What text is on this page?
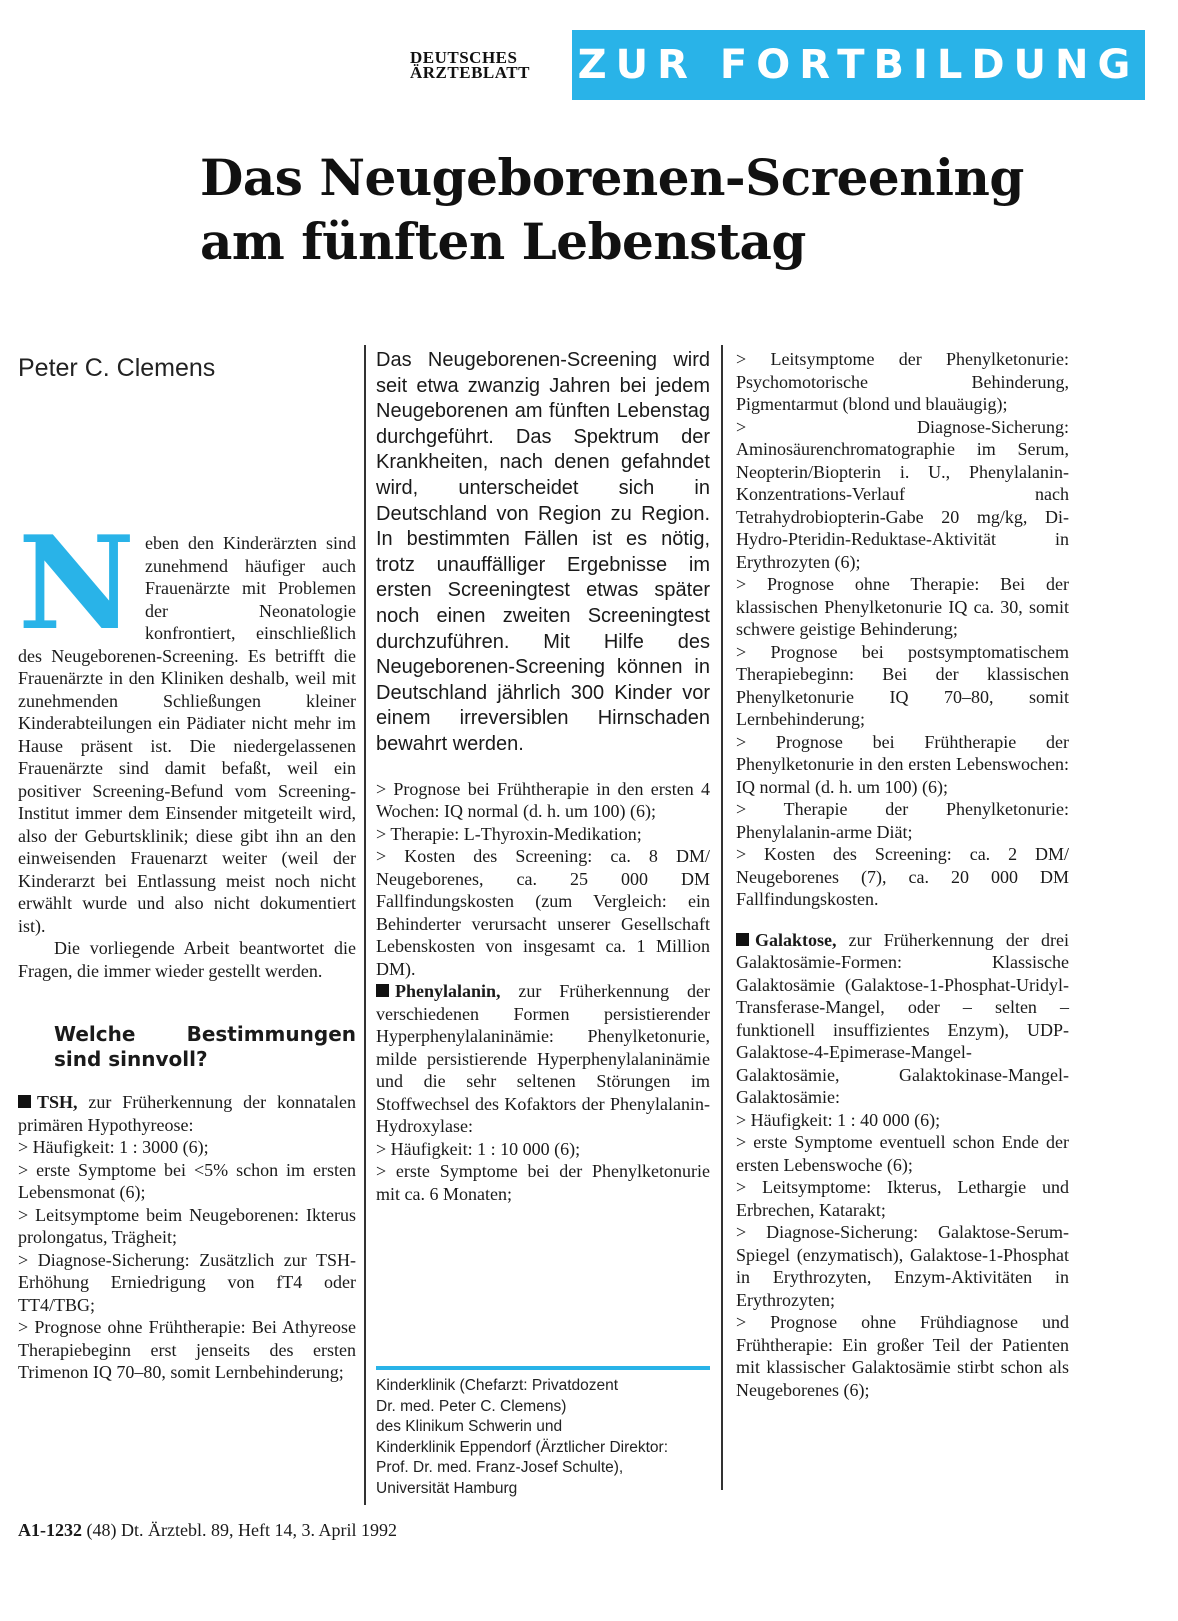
DEUTSCHES
ÄRZTEBLATT ZUR FORTBILDUNG
Das Neugeborenen-Screening
am fünften Lebenstag
Peter C. Clemens

Neben den Kinderärzten sind zunehmend häufiger auch Frauenärzte mit Problemen der Neonatologie konfrontiert, einschließlich des Neugeborenen-Screening. Es betrifft die Frauenärzte in den Kliniken deshalb, weil mit zunehmenden Schließungen kleiner Kinderabteilungen ein Pädiater nicht mehr im Hause präsent ist. Die niedergelassenen Frauenärzte sind damit befaßt, weil ein positiver Screening-Befund vom Screening-Institut immer dem Einsender mitgeteilt wird, also der Geburtsklinik; diese gibt ihn an den einweisenden Frauenarzt weiter (weil der Kinderarzt bei Entlassung meist noch nicht erwählt wurde und also nicht dokumentiert ist).

Die vorliegende Arbeit beantwortet die Fragen, die immer wieder gestellt werden.

Welche Bestimmungen sind sinnvoll?

TSH, zur Früherkennung der konnatalen primären Hypothyreose:

> Häufigkeit: 1 : 3000 (6);

> erste Symptome bei <5% schon im ersten Lebensmonat (6);

> Leitsymptome beim Neugeborenen: Ikterus prolongatus, Trägheit;

> Diagnose-Sicherung: Zusätzlich zur TSH-Erhöhung Erniedrigung von fT4 oder TT4/TBG;

> Prognose ohne Frühtherapie: Bei Athyreose Therapiebeginn erst jenseits des ersten Trimenon IQ 70–80, somit Lernbehinderung;

Das Neugeborenen-Screening wird seit etwa zwanzig Jahren bei jedem Neugeborenen am fünften Lebenstag durchgeführt. Das Spektrum der Krankheiten, nach denen gefahndet wird, unterscheidet sich in Deutschland von Region zu Region. In bestimmten Fällen ist es nötig, trotz unauffälliger Ergebnisse im ersten Screeningtest etwas später noch einen zweiten Screeningtest durchzuführen. Mit Hilfe des Neugeborenen-Screening können in Deutschland jährlich 300 Kinder vor einem irreversiblen Hirnschaden bewahrt werden.

> Prognose bei Frühtherapie in den ersten 4 Wochen: IQ normal (d. h. um 100) (6);

> Therapie: L-Thyroxin-Medikation;

> Kosten des Screening: ca. 8 DM/ Neugeborenes, ca. 25 000 DM Fallfindungskosten (zum Vergleich: ein Behinderter verursacht unserer Gesellschaft Lebenskosten von insgesamt ca. 1 Million DM).

Phenylalanin, zur Früherkennung der verschiedenen Formen persistierender Hyperphenylalaninämie: Phenylketonurie, milde persistierende Hyperphenylalaninämie und die sehr seltenen Störungen im Stoffwechsel des Kofaktors der Phenylalanin-Hydroxylase:

> Häufigkeit: 1 : 10 000 (6);

> erste Symptome bei der Phenylketonurie mit ca. 6 Monaten;

Kinderklinik (Chefarzt: Privatdozent
Dr. med. Peter C. Clemens)
des Klinikum Schwerin und
Kinderklinik Eppendorf (Ärztlicher Direktor:
Prof. Dr. med. Franz-Josef Schulte),
Universität Hamburg

> Leitsymptome der Phenylketonurie: Psychomotorische Behinderung, Pigmentarmut (blond und blauäugig);

> Diagnose-Sicherung: Aminosäurenchromatographie im Serum, Neopterin/Biopterin i. U., Phenylalanin-Konzentrations-Verlauf nach Tetrahydrobiopterin-Gabe 20 mg/kg, Di-Hydro-Pteridin-Reduktase-Aktivität in Erythrozyten (6);

> Prognose ohne Therapie: Bei der klassischen Phenylketonurie IQ ca. 30, somit schwere geistige Behinderung;

> Prognose bei postsymptomatischem Therapiebeginn: Bei der klassischen Phenylketonurie IQ 70–80, somit Lernbehinderung;

> Prognose bei Frühtherapie der Phenylketonurie in den ersten Lebenswochen: IQ normal (d. h. um 100) (6);

> Therapie der Phenylketonurie: Phenylalanin-arme Diät;

> Kosten des Screening: ca. 2 DM/ Neugeborenes (7), ca. 20 000 DM Fallfindungskosten.

Galaktose, zur Früherkennung der drei Galaktosämie-Formen: Klassische Galaktosämie (Galaktose-1-Phosphat-Uridyl-Transferase-Mangel, oder – selten – funktionell insuffizientes Enzym), UDP-Galaktose-4-Epimerase-Mangel-Galaktosämie, Galaktokinase-Mangel-Galaktosämie:

> Häufigkeit: 1 : 40 000 (6);

> erste Symptome eventuell schon Ende der ersten Lebenswoche (6);

> Leitsymptome: Ikterus, Lethargie und Erbrechen, Katarakt;

> Diagnose-Sicherung: Galaktose-Serum-Spiegel (enzymatisch), Galaktose-1-Phosphat in Erythrozyten, Enzym-Aktivitäten in Erythrozyten;

> Prognose ohne Frühdiagnose und Frühtherapie: Ein großer Teil der Patienten mit klassischer Galaktosämie stirbt schon als Neugeborenes (6);

A1-1232 (48) Dt. Ärztebl. 89, Heft 14, 3. April 1992
